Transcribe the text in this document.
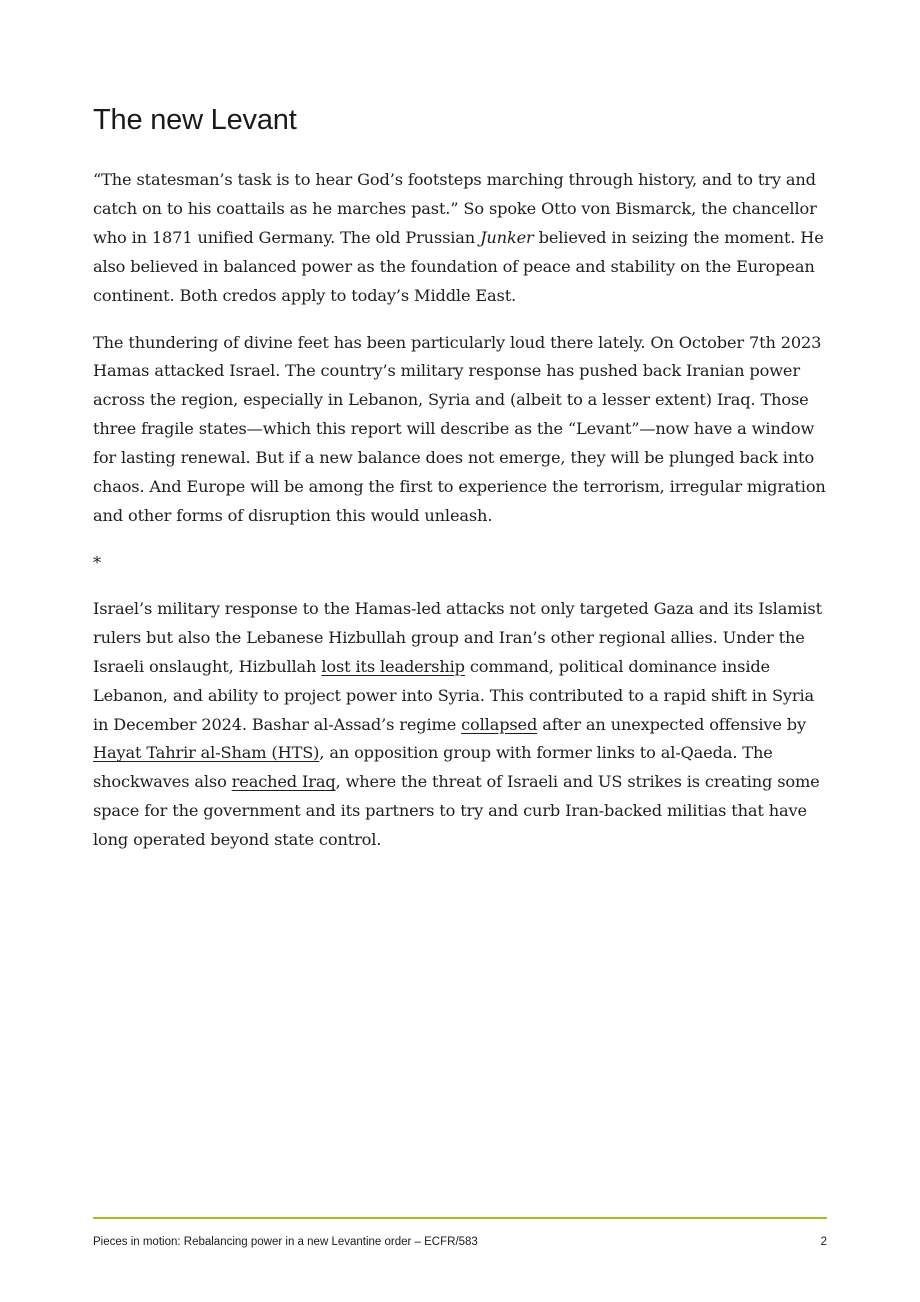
The new Levant

“The statesman’s task is to hear God’s footsteps marching through history, and to try and catch on to his coattails as he marches past.” So spoke Otto von Bismarck, the chancellor who in 1871 unified Germany. The old Prussian Junker believed in seizing the moment. He also believed in balanced power as the foundation of peace and stability on the European continent. Both credos apply to today’s Middle East.

The thundering of divine feet has been particularly loud there lately. On October 7th 2023 Hamas attacked Israel. The country’s military response has pushed back Iranian power across the region, especially in Lebanon, Syria and (albeit to a lesser extent) Iraq. Those three fragile states—which this report will describe as the “Levant”—now have a window for lasting renewal. But if a new balance does not emerge, they will be plunged back into chaos. And Europe will be among the first to experience the terrorism, irregular migration and other forms of disruption this would unleash.

*

Israel’s military response to the Hamas-led attacks not only targeted Gaza and its Islamist rulers but also the Lebanese Hizbullah group and Iran’s other regional allies. Under the Israeli onslaught, Hizbullah lost its leadership command, political dominance inside Lebanon, and ability to project power into Syria. This contributed to a rapid shift in Syria in December 2024. Bashar al-Assad’s regime collapsed after an unexpected offensive by Hayat Tahrir al-Sham (HTS), an opposition group with former links to al-Qaeda. The shockwaves also reached Iraq, where the threat of Israeli and US strikes is creating some space for the government and its partners to try and curb Iran-backed militias that have long operated beyond state control.

Pieces in motion: Rebalancing power in a new Levantine order – ECFR/583	2
